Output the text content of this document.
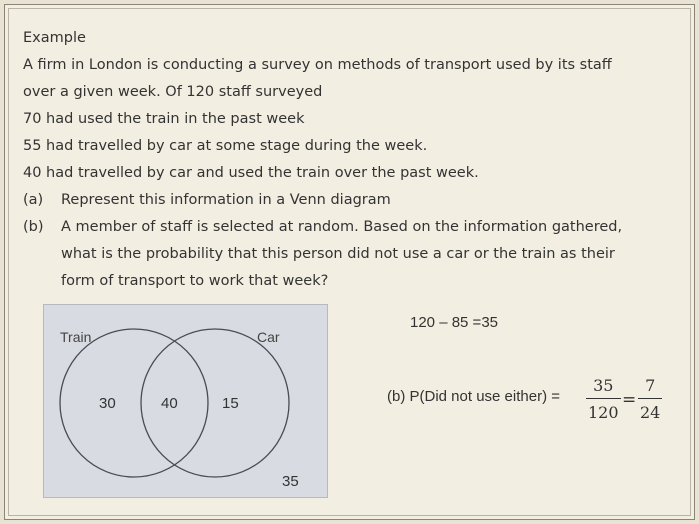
Example
A firm in London is conducting a survey on methods of transport used by its staff
over a given week. Of 120 staff surveyed
70 had used the train in the past week
55 had travelled by car at some stage during the week.
40 had travelled by car and used the train over the past week.
(a) Represent this information in a Venn diagram
(b) A member of staff is selected at random. Based on the information gathered,
what is the probability that this person did not use a car or the train as their
form of transport to work that week?
Train	Car
30	40	15
35
120 – 85 =35
(b) P(Did not use either) =
35
120
=
7
24
